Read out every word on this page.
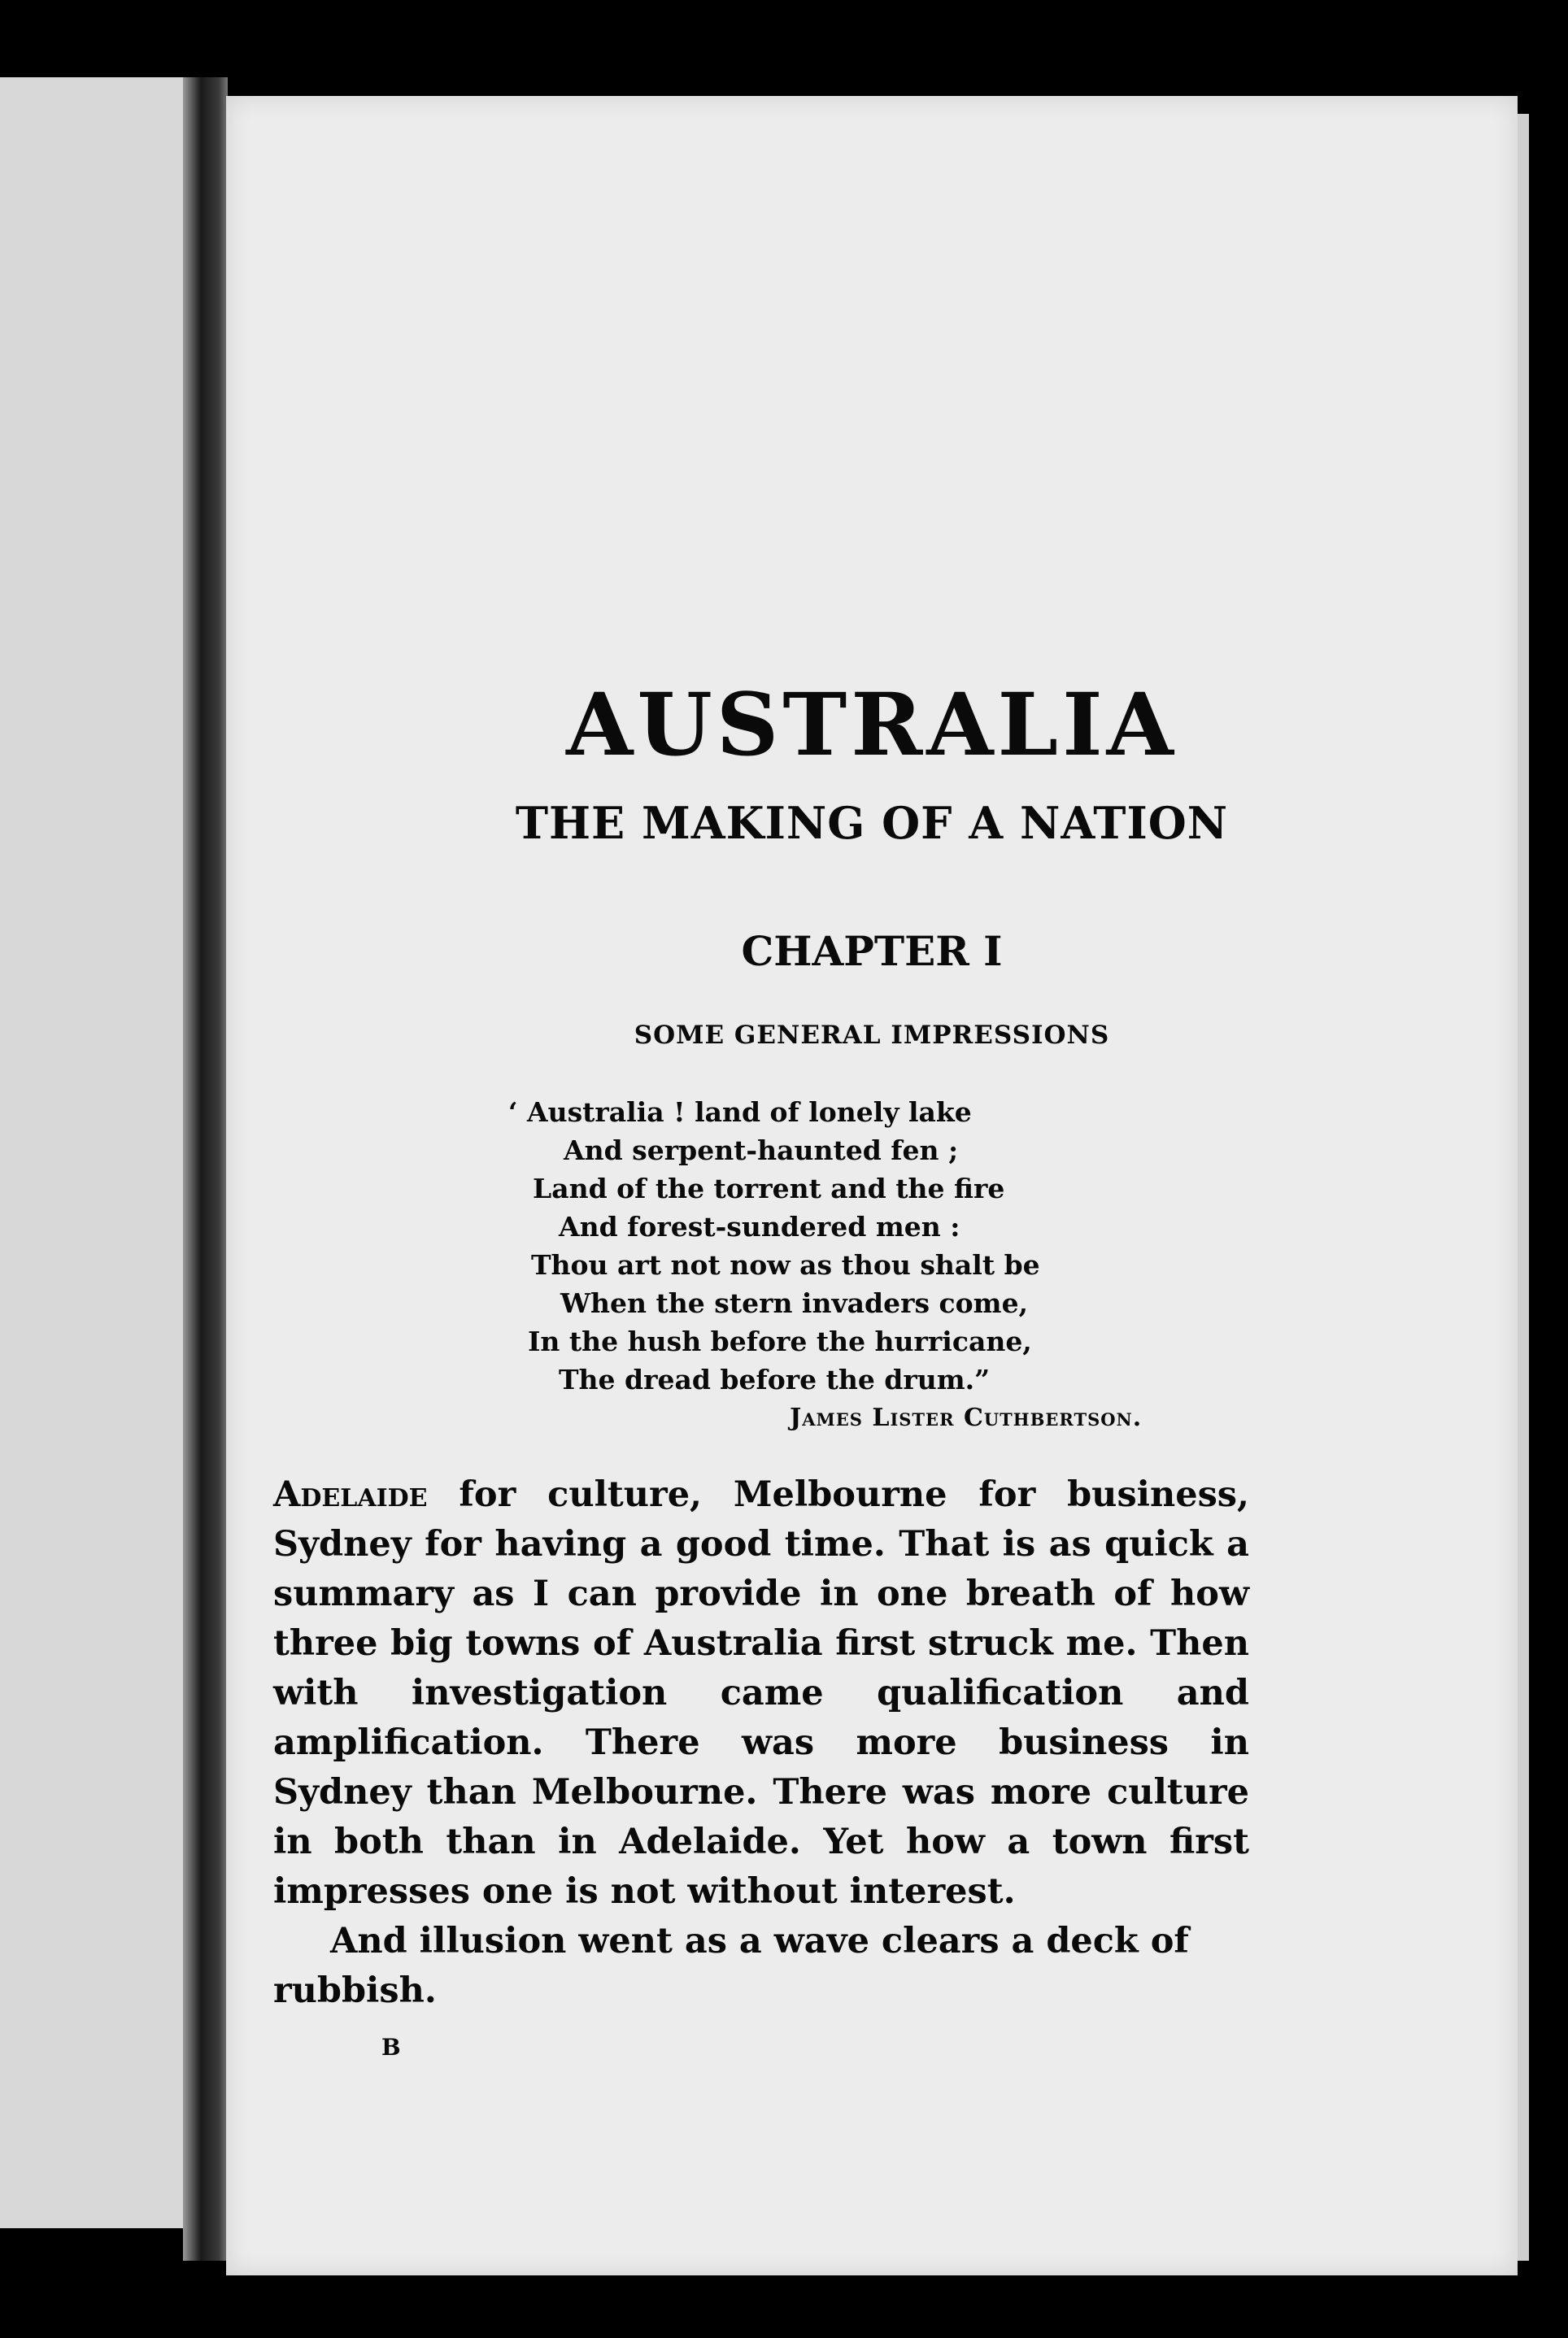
AUSTRALIA
THE MAKING OF A NATION
CHAPTER I
SOME GENERAL IMPRESSIONS
‘ Australia ! land of lonely lake
And serpent-haunted fen ;
Land of the torrent and the fire
And forest-sundered men :
Thou art not now as thou shalt be
When the stern invaders come,
In the hush before the hurricane,
The dread before the drum.”
James Lister Cuthbertson.

Adelaide for culture, Melbourne for business, Sydney for having a good time. That is as quick a summary as I can provide in one breath of how three big towns of Australia first struck me. Then with investigation came qualification and amplification. There was more business in Sydney than Melbourne. There was more culture in both than in Adelaide. Yet how a town first impresses one is not without interest.

And illusion went as a wave clears a deck of rubbish.

B
